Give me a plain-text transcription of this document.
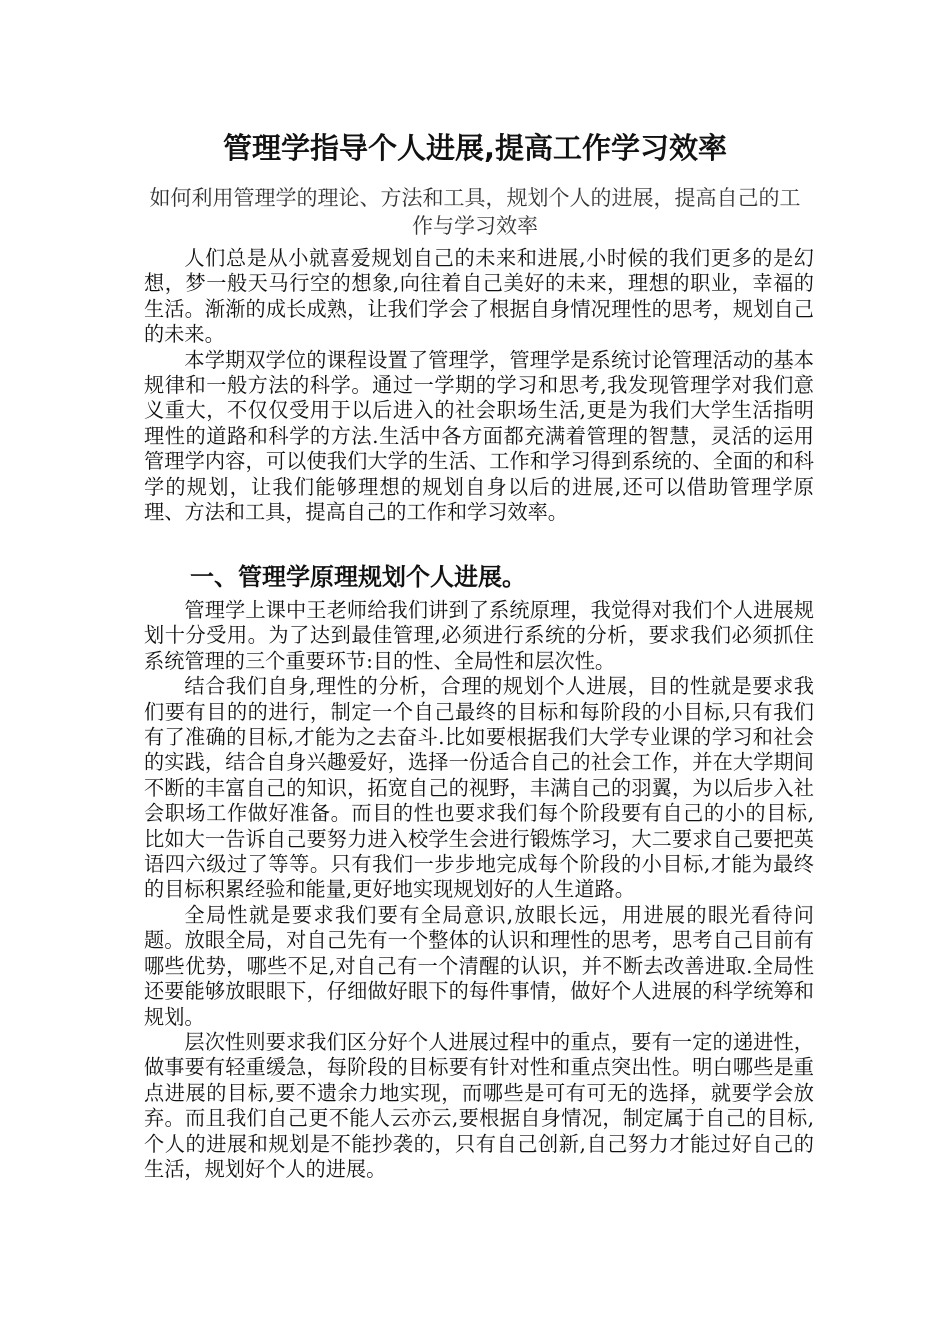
管理学指导个人进展,提高工作学习效率
如何利用管理学的理论、方法和工具，规划个人的进展，提高自己的工作与学习效率

人们总是从小就喜爱规划自己的未来和进展,小时候的我们更多的是幻想，梦一般天马行空的想象,向往着自己美好的未来，理想的职业，幸福的生活。渐渐的成长成熟，让我们学会了根据自身情况理性的思考，规划自己的未来。

本学期双学位的课程设置了管理学，管理学是系统讨论管理活动的基本规律和一般方法的科学。通过一学期的学习和思考,我发现管理学对我们意义重大，不仅仅受用于以后进入的社会职场生活,更是为我们大学生活指明理性的道路和科学的方法.生活中各方面都充满着管理的智慧，灵活的运用管理学内容，可以使我们大学的生活、工作和学习得到系统的、全面的和科学的规划，让我们能够理想的规划自身以后的进展,还可以借助管理学原理、方法和工具，提高自己的工作和学习效率。

一、管理学原理规划个人进展。

管理学上课中王老师给我们讲到了系统原理，我觉得对我们个人进展规划十分受用。为了达到最佳管理,必须进行系统的分析，要求我们必须抓住系统管理的三个重要环节:目的性、全局性和层次性。

结合我们自身,理性的分析，合理的规划个人进展，目的性就是要求我们要有目的的进行，制定一个自己最终的目标和每阶段的小目标,只有我们有了准确的目标,才能为之去奋斗.比如要根据我们大学专业课的学习和社会的实践，结合自身兴趣爱好，选择一份适合自己的社会工作，并在大学期间不断的丰富自己的知识，拓宽自己的视野，丰满自己的羽翼，为以后步入社会职场工作做好准备。而目的性也要求我们每个阶段要有自己的小的目标,比如大一告诉自己要努力进入校学生会进行锻炼学习，大二要求自己要把英语四六级过了等等。只有我们一步步地完成每个阶段的小目标,才能为最终的目标积累经验和能量,更好地实现规划好的人生道路。

全局性就是要求我们要有全局意识,放眼长远，用进展的眼光看待问题。放眼全局，对自己先有一个整体的认识和理性的思考，思考自己目前有哪些优势，哪些不足,对自己有一个清醒的认识，并不断去改善进取.全局性还要能够放眼眼下，仔细做好眼下的每件事情，做好个人进展的科学统筹和规划。

层次性则要求我们区分好个人进展过程中的重点，要有一定的递进性，做事要有轻重缓急，每阶段的目标要有针对性和重点突出性。明白哪些是重点进展的目标,要不遗余力地实现，而哪些是可有可无的选择，就要学会放弃。而且我们自己更不能人云亦云,要根据自身情况，制定属于自己的目标,个人的进展和规划是不能抄袭的，只有自己创新,自己努力才能过好自己的生活，规划好个人的进展。
